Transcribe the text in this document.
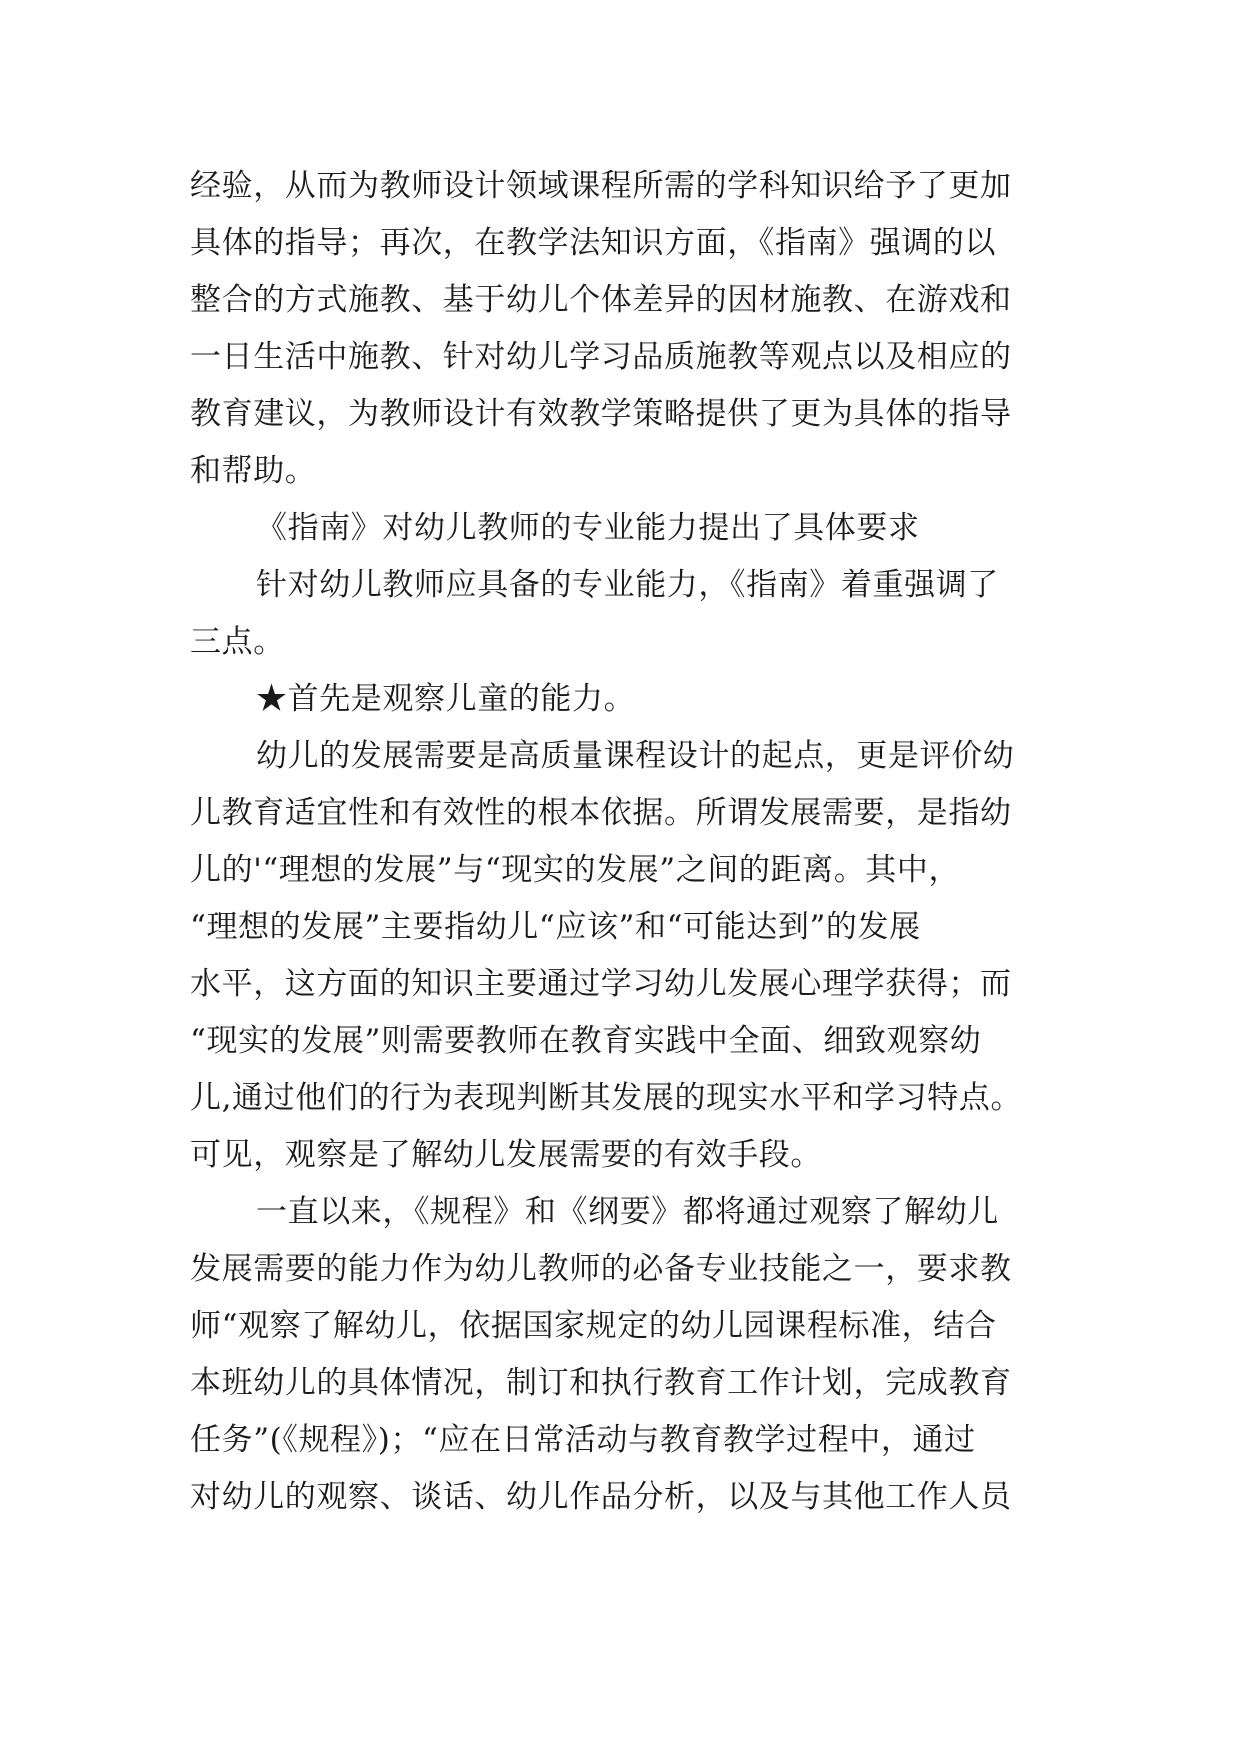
经验，从而为教师设计领域课程所需的学科知识给予了更加
具体的指导；再次，在教学法知识方面，《指南》强调的以
整合的方式施教、基于幼儿个体差异的因材施教、在游戏和
一日生活中施教、针对幼儿学习品质施教等观点以及相应的
教育建议，为教师设计有效教学策略提供了更为具体的指导
和帮助。
《指南》对幼儿教师的专业能力提出了具体要求
针对幼儿教师应具备的专业能力，《指南》着重强调了
三点。
★首先是观察儿童的能力。
幼儿的发展需要是高质量课程设计的起点，更是评价幼
儿教育适宜性和有效性的根本依据。所谓发展需要，是指幼
儿的'“理想的发展”与“现实的发展”之间的距离。其中，
“理想的发展”主要指幼儿“应该”和“可能达到”的发展
水平，这方面的知识主要通过学习幼儿发展心理学获得；而
“现实的发展”则需要教师在教育实践中全面、细致观察幼
儿,通过他们的行为表现判断其发展的现实水平和学习特点。
可见，观察是了解幼儿发展需要的有效手段。
一直以来，《规程》和《纲要》都将通过观察了解幼儿
发展需要的能力作为幼儿教师的必备专业技能之一，要求教
师“观察了解幼儿，依据国家规定的幼儿园课程标准，结合
本班幼儿的具体情况，制订和执行教育工作计划，完成教育
任务”(《规程》)；“应在日常活动与教育教学过程中，通过
对幼儿的观察、谈话、幼儿作品分析，以及与其他工作人员
